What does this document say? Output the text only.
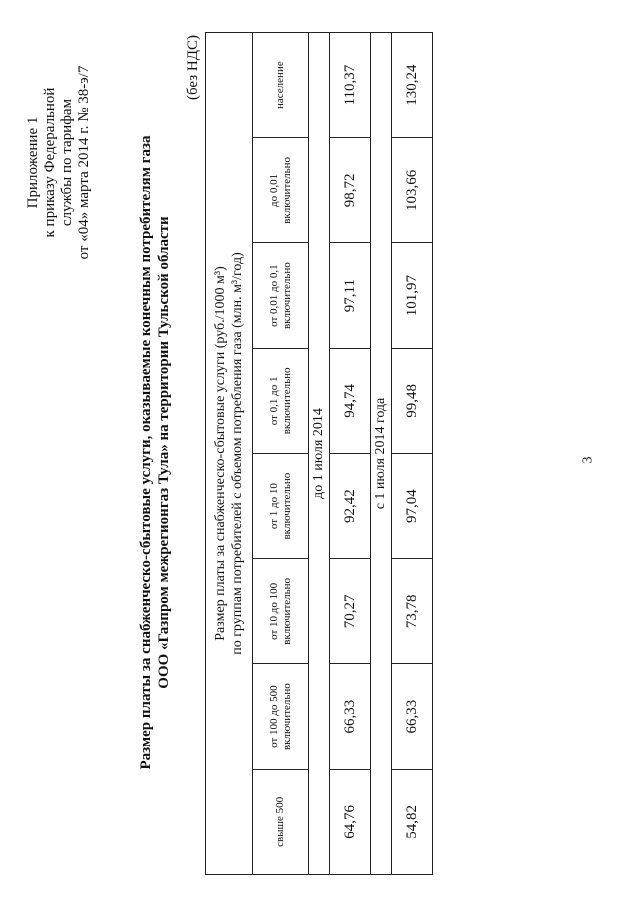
Приложение 1 к приказу Федеральной службы по тарифам от «04» марта 2014 г. № 38-э/7	Размер платы за снабженческо-сбытовые услуги, оказываемые конечным потребителям газа ООО «Газпром межрегионгаз Тула» на территории Тульской области
(без НДС)
Размер платы за снабженческо-сбытовые услуги (руб./1000 м³) по группам потребителей с объемом потребления газа (млн. м³/год)							

свыше 500	от 100 до 500 включительно	от 10 до 100 включительно	от 1 до 10 включительно	от 0,1 до 1 включительно	от 0,01 до 0,1 включительно	до 0,01 включительно	население
до 1 июля 2014							
64,76	66,33	70,27	92,42	94,74	97,11	98,72	110,37
с 1 июля 2014 года							
54,82	66,33	73,78	97,04	99,48	101,97	103,66	130,24
3
